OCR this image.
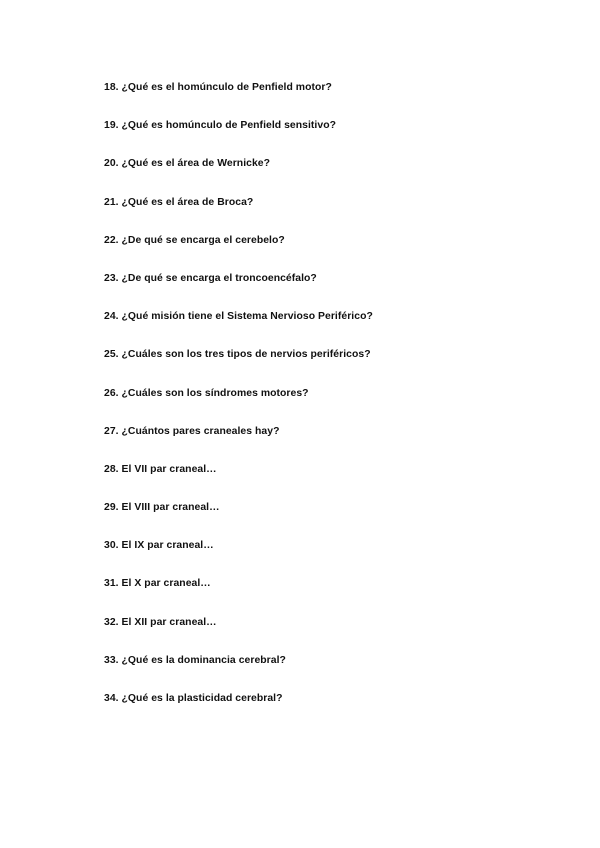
18. ¿Qué es el homúnculo de Penfield motor?
19. ¿Qué es homúnculo de Penfield sensitivo?
20. ¿Qué es el área de Wernicke?
21. ¿Qué es el área de Broca?
22. ¿De qué se encarga el cerebelo?
23. ¿De qué se encarga el troncoencéfalo?
24. ¿Qué misión tiene el Sistema Nervioso Periférico?
25. ¿Cuáles son los tres tipos de nervios periféricos?
26. ¿Cuáles son los síndromes motores?
27. ¿Cuántos pares craneales hay?
28. El VII par craneal…
29. El VIII par craneal…
30. El IX par craneal…
31. El X par craneal…
32. El XII par craneal…
33. ¿Qué es la dominancia cerebral?
34. ¿Qué es la plasticidad cerebral?
